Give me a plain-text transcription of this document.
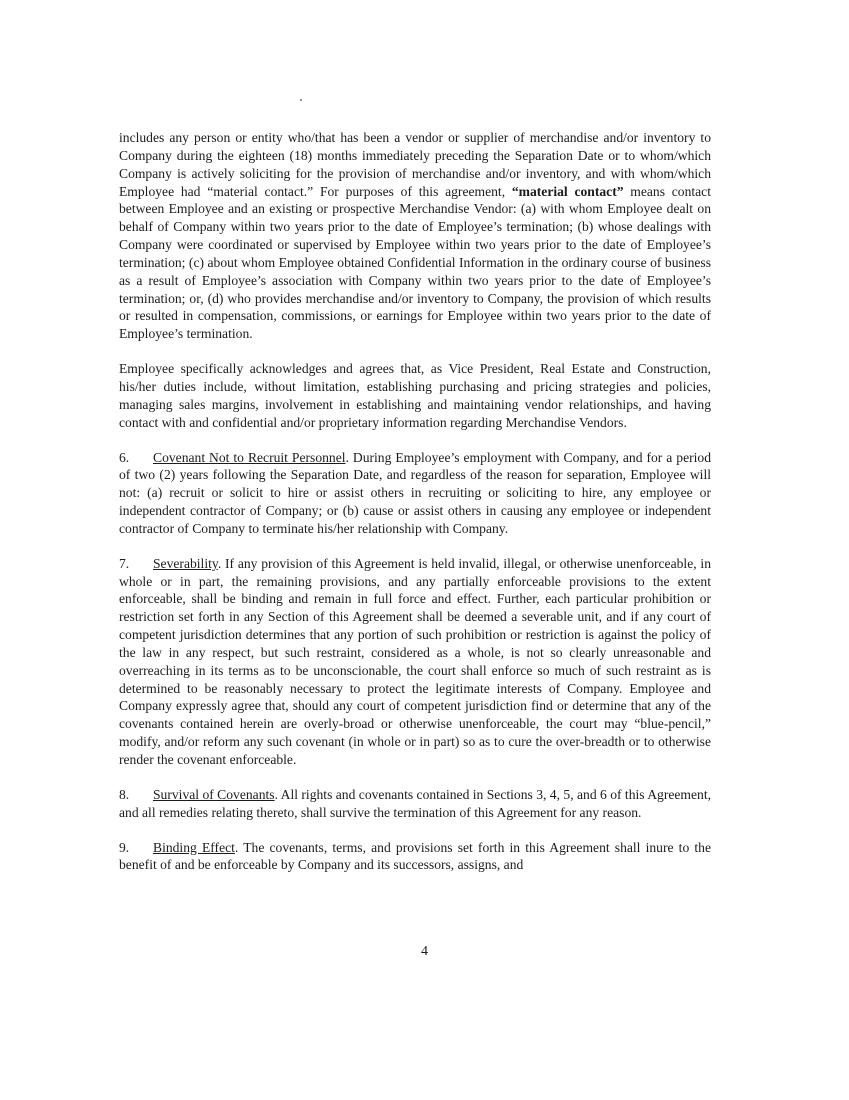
includes any person or entity who/that has been a vendor or supplier of merchandise and/or inventory to Company during the eighteen (18) months immediately preceding the Separation Date or to whom/which Company is actively soliciting for the provision of merchandise and/or inventory, and with whom/which Employee had “material contact.” For purposes of this agreement, “material contact” means contact between Employee and an existing or prospective Merchandise Vendor: (a) with whom Employee dealt on behalf of Company within two years prior to the date of Employee’s termination; (b) whose dealings with Company were coordinated or supervised by Employee within two years prior to the date of Employee’s termination; (c) about whom Employee obtained Confidential Information in the ordinary course of business as a result of Employee’s association with Company within two years prior to the date of Employee’s termination; or, (d) who provides merchandise and/or inventory to Company, the provision of which results or resulted in compensation, commissions, or earnings for Employee within two years prior to the date of Employee’s termination.

Employee specifically acknowledges and agrees that, as Vice President, Real Estate and Construction, his/her duties include, without limitation, establishing purchasing and pricing strategies and policies, managing sales margins, involvement in establishing and maintaining vendor relationships, and having contact with and confidential and/or proprietary information regarding Merchandise Vendors.

6. Covenant Not to Recruit Personnel. During Employee’s employment with Company, and for a period of two (2) years following the Separation Date, and regardless of the reason for separation, Employee will not: (a) recruit or solicit to hire or assist others in recruiting or soliciting to hire, any employee or independent contractor of Company; or (b) cause or assist others in causing any employee or independent contractor of Company to terminate his/her relationship with Company.

7. Severability. If any provision of this Agreement is held invalid, illegal, or otherwise unenforceable, in whole or in part, the remaining provisions, and any partially enforceable provisions to the extent enforceable, shall be binding and remain in full force and effect. Further, each particular prohibition or restriction set forth in any Section of this Agreement shall be deemed a severable unit, and if any court of competent jurisdiction determines that any portion of such prohibition or restriction is against the policy of the law in any respect, but such restraint, considered as a whole, is not so clearly unreasonable and overreaching in its terms as to be unconscionable, the court shall enforce so much of such restraint as is determined to be reasonably necessary to protect the legitimate interests of Company. Employee and Company expressly agree that, should any court of competent jurisdiction find or determine that any of the covenants contained herein are overly-broad or otherwise unenforceable, the court may “blue-pencil,” modify, and/or reform any such covenant (in whole or in part) so as to cure the over-breadth or to otherwise render the covenant enforceable.

8. Survival of Covenants. All rights and covenants contained in Sections 3, 4, 5, and 6 of this Agreement, and all remedies relating thereto, shall survive the termination of this Agreement for any reason.

9. Binding Effect. The covenants, terms, and provisions set forth in this Agreement shall inure to the benefit of and be enforceable by Company and its successors, assigns, and

4
